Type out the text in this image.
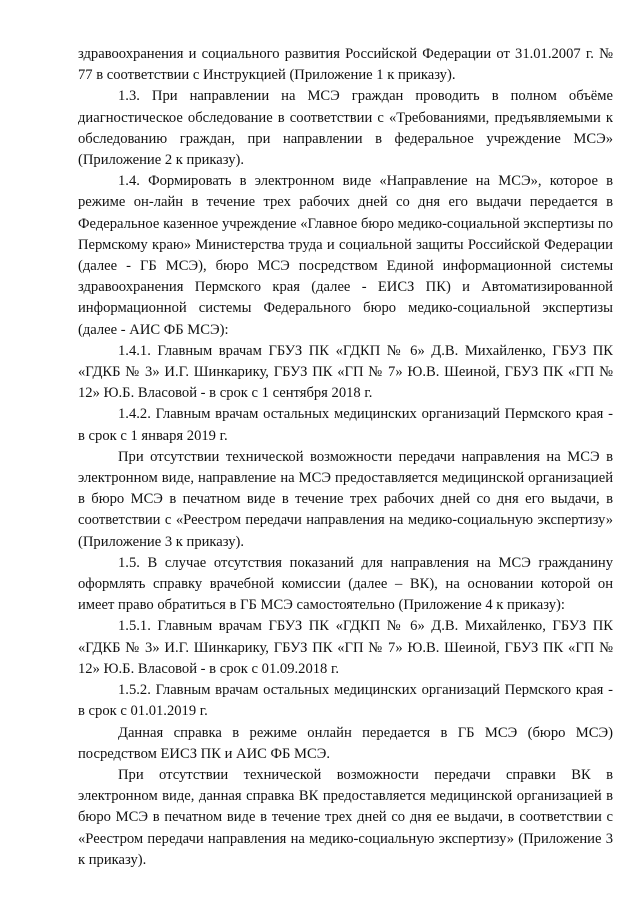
здравоохранения и социального развития Российской Федерации от 31.01.2007 г. № 77 в соответствии с Инструкцией (Приложение 1 к приказу).

1.3. При направлении на МСЭ граждан проводить в полном объёме диагностическое обследование в соответствии с «Требованиями, предъявляемыми к обследованию граждан, при направлении в федеральное учреждение МСЭ» (Приложение 2 к приказу).

1.4. Формировать в электронном виде «Направление на МСЭ», которое в режиме он-лайн в течение трех рабочих дней со дня его выдачи передается в Федеральное казенное учреждение «Главное бюро медико-социальной экспертизы по Пермскому краю» Министерства труда и социальной защиты Российской Федерации (далее - ГБ МСЭ), бюро МСЭ посредством Единой информационной системы здравоохранения Пермского края (далее - ЕИСЗ ПК) и Автоматизированной информационной системы Федерального бюро медико-социальной экспертизы (далее - АИС ФБ МСЭ):

1.4.1. Главным врачам ГБУЗ ПК «ГДКП № 6» Д.В. Михайленко, ГБУЗ ПК «ГДКБ № 3» И.Г. Шинкарику, ГБУЗ ПК «ГП № 7» Ю.В. Шеиной, ГБУЗ ПК «ГП № 12» Ю.Б. Власовой - в срок с 1 сентября 2018 г.

1.4.2. Главным врачам остальных медицинских организаций Пермского края - в срок с 1 января 2019 г.

При отсутствии технической возможности передачи направления на МСЭ в электронном виде, направление на МСЭ предоставляется медицинской организацией в бюро МСЭ в печатном виде в течение трех рабочих дней со дня его выдачи, в соответствии с «Реестром передачи направления на медико-социальную экспертизу» (Приложение 3 к приказу).

1.5. В случае отсутствия показаний для направления на МСЭ гражданину оформлять справку врачебной комиссии (далее – ВК), на основании которой он имеет право обратиться в ГБ МСЭ самостоятельно (Приложение 4 к приказу):

1.5.1. Главным врачам ГБУЗ ПК «ГДКП № 6» Д.В. Михайленко, ГБУЗ ПК «ГДКБ № 3» И.Г. Шинкарику, ГБУЗ ПК «ГП № 7» Ю.В. Шеиной, ГБУЗ ПК «ГП № 12» Ю.Б. Власовой - в срок с 01.09.2018 г.

1.5.2. Главным врачам остальных медицинских организаций Пермского края - в срок с 01.01.2019 г.

Данная справка в режиме онлайн передается в ГБ МСЭ (бюро МСЭ) посредством ЕИСЗ ПК и АИС ФБ МСЭ.

При отсутствии технической возможности передачи справки ВК в электронном виде, данная справка ВК предоставляется медицинской организацией в бюро МСЭ в печатном виде в течение трех дней со дня ее выдачи, в соответствии с «Реестром передачи направления на медико-социальную экспертизу» (Приложение 3 к приказу).
